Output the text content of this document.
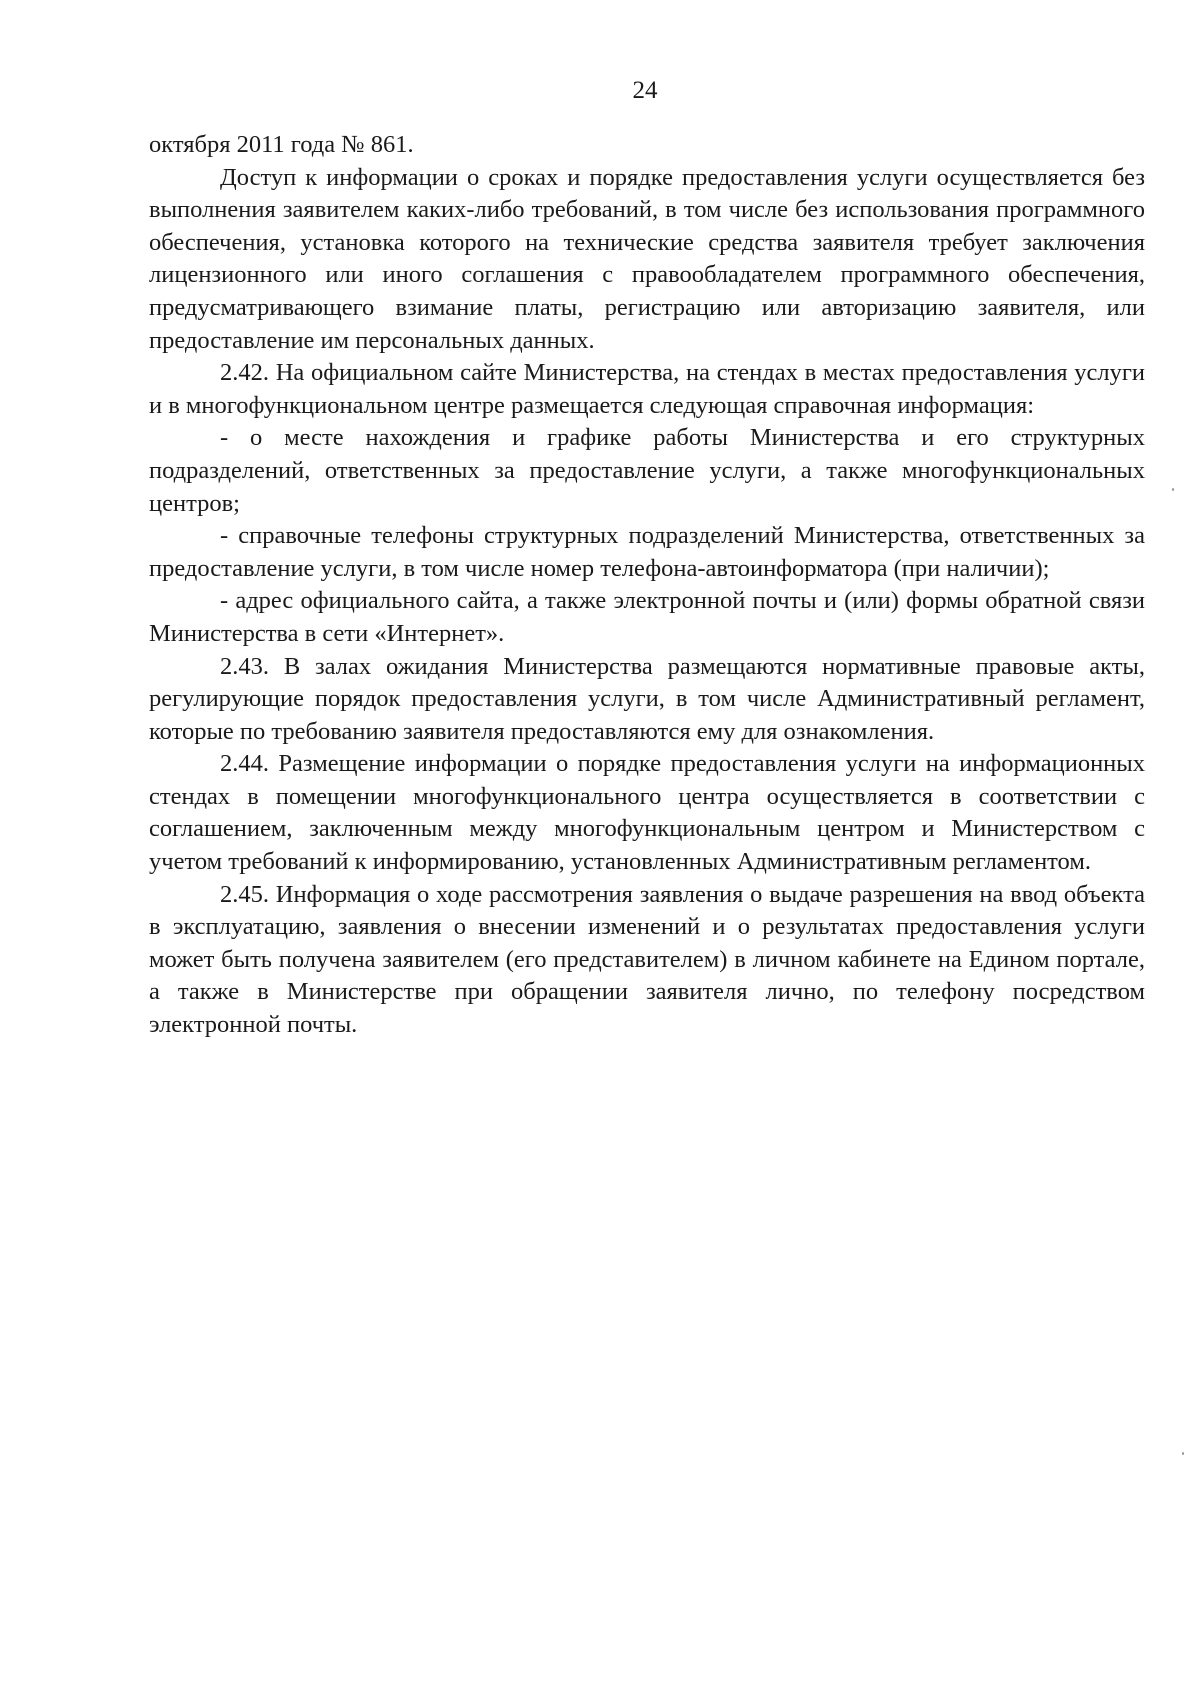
24

октября 2011 года № 861.

Доступ к информации о сроках и порядке предоставления услуги осуществляется без выполнения заявителем каких-либо требований, в том числе без использования программного обеспечения, установка которого на технические средства заявителя требует заключения лицензионного или иного соглашения с правообладателем программного обеспечения, предусматривающего взимание платы, регистрацию или авторизацию заявителя, или предоставление им персональных данных.

2.42. На официальном сайте Министерства, на стендах в местах предоставления услуги и в многофункциональном центре размещается следующая справочная информация:

- о месте нахождения и графике работы Министерства и его структурных подразделений, ответственных за предоставление услуги, а также многофункциональных центров;

- справочные телефоны структурных подразделений Министерства, ответственных за предоставление услуги, в том числе номер телефона-автоинформатора (при наличии);

- адрес официального сайта, а также электронной почты и (или) формы обратной связи Министерства в сети «Интернет».

2.43. В залах ожидания Министерства размещаются нормативные правовые акты, регулирующие порядок предоставления услуги, в том числе Административный регламент, которые по требованию заявителя предоставляются ему для ознакомления.

2.44. Размещение информации о порядке предоставления услуги на информационных стендах в помещении многофункционального центра осуществляется в соответствии с соглашением, заключенным между многофункциональным центром и Министерством с учетом требований к информированию, установленных Административным регламентом.

2.45. Информация о ходе рассмотрения заявления о выдаче разрешения на ввод объекта в эксплуатацию, заявления о внесении изменений и о результатах предоставления услуги может быть получена заявителем (его представителем) в личном кабинете на Едином портале, а также в Министерстве при обращении заявителя лично, по телефону посредством электронной почты.
